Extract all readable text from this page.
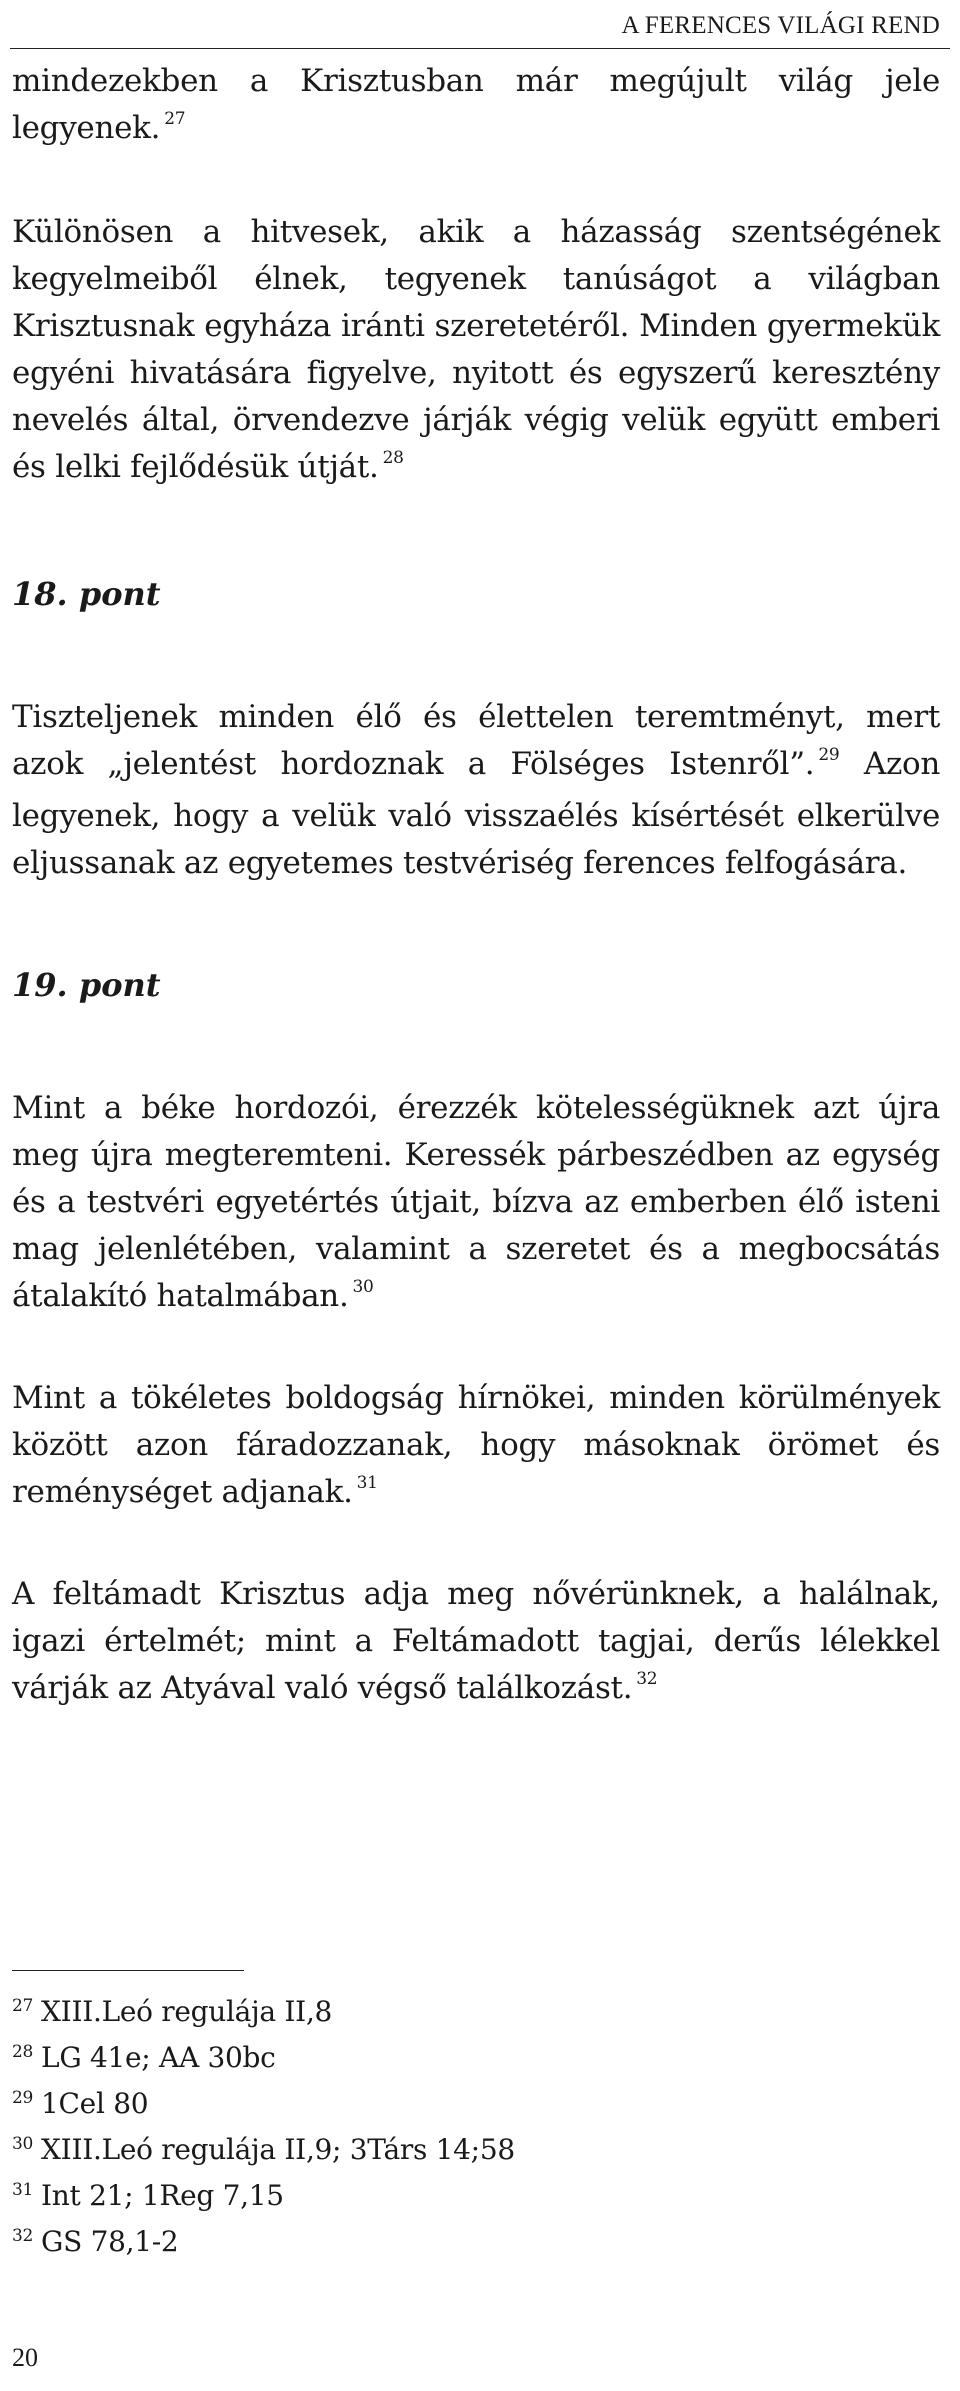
A FERENCES VILÁGI REND

mindezekben a Krisztusban már megújult világ jele legyenek. $^{27}$

Különösen a hitvesek, akik a házasság szentségének kegyelmeiből élnek, tegyenek tanúságot a világban Krisztusnak egyháza iránti szeretetéről. Minden gyermekük egyéni hivatására figyelve, nyitott és egyszerű keresztény nevelés által, örvendezve járják végig velük együtt emberi és lelki fejlődésük útját. $^{28}$

18. pont

Tiszteljenek minden élő és élettelen teremtményt, mert azok „jelentést hordoznak a Fölséges Istenről”. $^{29}$ Azon legyenek, hogy a velük való visszaélés kísértését elkerülve eljussanak az egyetemes testvériség ferences felfogására.

19. pont

Mint a béke hordozói, érezzék kötelességüknek azt újra meg újra megteremteni. Keressék párbeszédben az egység és a testvéri egyetértés útjait, bízva az emberben élő isteni mag jelenlétében, valamint a szeretet és a megbocsátás átalakító hatalmában. $^{30}$

Mint a tökéletes boldogság hírnökei, minden körülmények között azon fáradozzanak, hogy másoknak örömet és reménységet adjanak. $^{31}$

A feltámadt Krisztus adja meg nővérünknek, a halálnak, igazi értelmét; mint a Feltámadott tagjai, derűs lélekkel várják az Atyával való végső találkozást. $^{32}$

$^{27}$ XIII.Leó regulája II,8
$^{28}$ LG 41e; AA 30bc
$^{29}$ 1Cel 80
$^{30}$ XIII.Leó regulája II,9; 3Társ 14;58
$^{31}$ Int 21; 1Reg 7,15
$^{32}$ GS 78,1-2
20
